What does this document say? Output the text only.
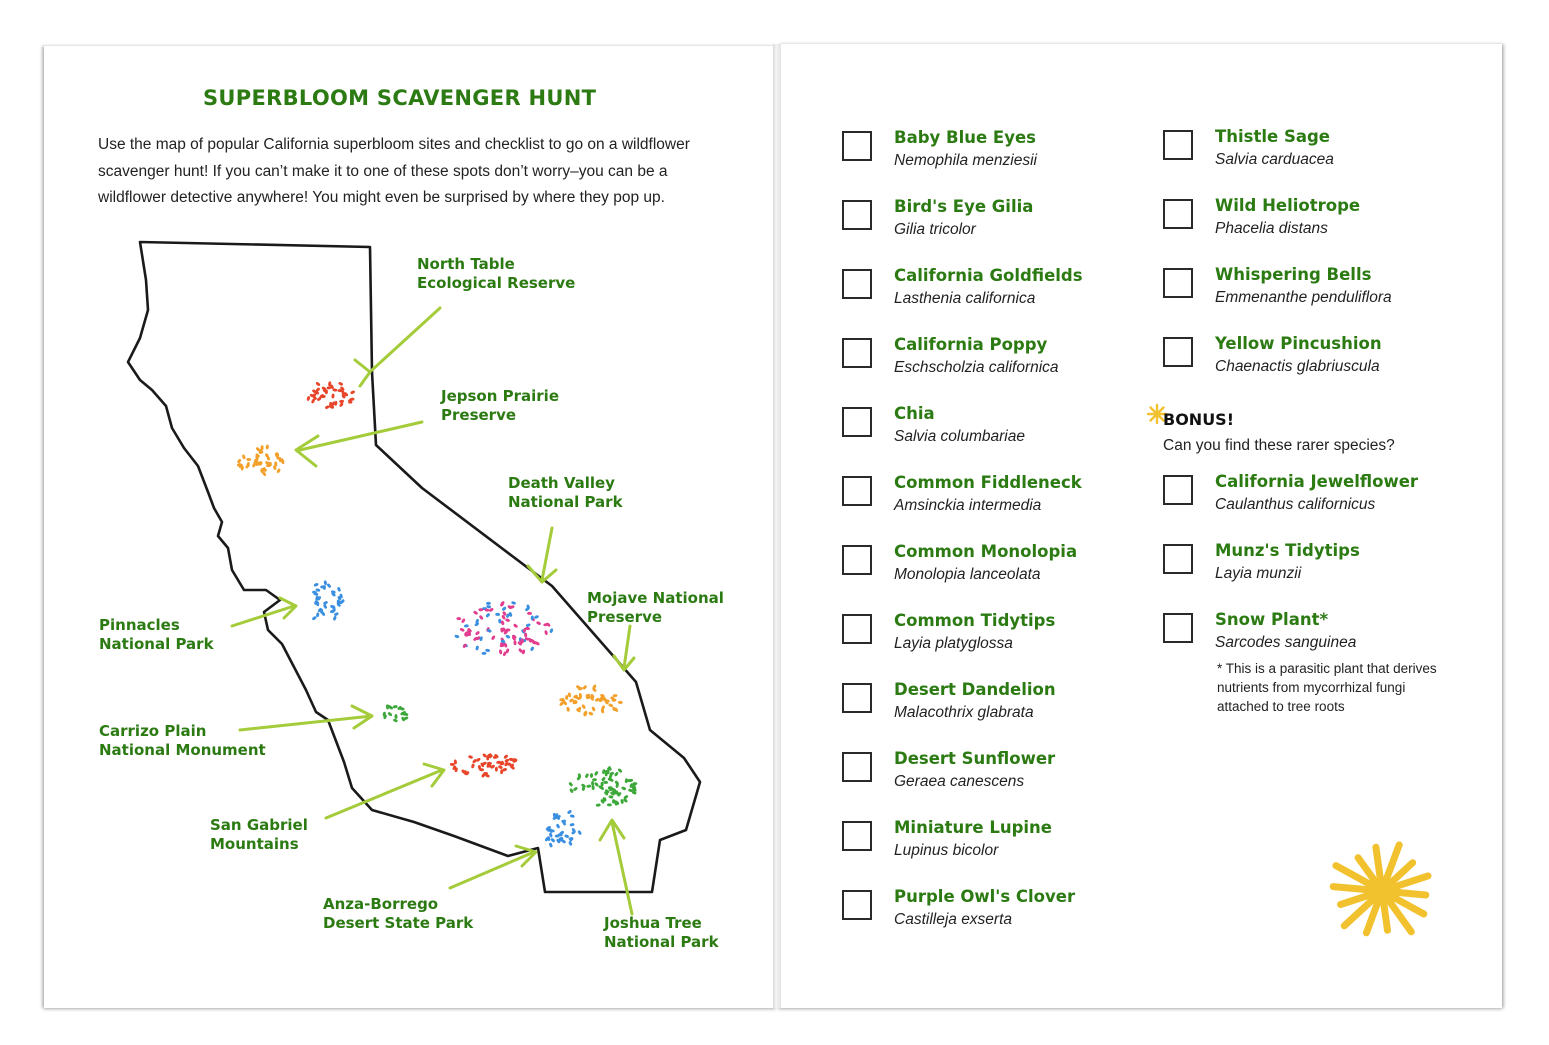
SUPERBLOOM SCAVENGER HUNT
Use the map of popular California superbloom sites and checklist to go on a wildflower scavenger hunt! If you can’t make it to one of these spots don’t worry–you can be a wildflower detective anywhere! You might even be surprised by where they pop up.
North Table
Ecological Reserve
Jepson Prairie
Preserve
Death Valley
National Park
Mojave National
Preserve
Pinnacles
National Park
Carrizo Plain
National Monument
San Gabriel
Mountains
Anza-Borrego
Desert State Park	Joshua Tree
National Park
Baby Blue Eyes
Nemophila menziesii
Bird's Eye Gilia
Gilia tricolor
California Goldfields
Lasthenia californica
California Poppy
Eschscholzia californica
Chia
Salvia columbariae
Common Fiddleneck
Amsinckia intermedia
Common Monolopia
Monolopia lanceolata
Common Tidytips
Layia platyglossa
Desert Dandelion
Malacothrix glabrata
Desert Sunflower
Geraea canescens
Miniature Lupine
Lupinus bicolor
Purple Owl's Clover
Castilleja exserta
Thistle Sage
Salvia carduacea
Wild Heliotrope
Phacelia distans
Whispering Bells
Emmenanthe penduliflora
Yellow Pincushion
Chaenactis glabriuscula
BONUS!
Can you find these rarer species?
California Jewelflower
Caulanthus californicus
Munz's Tidytips
Layia munzii
Snow Plant*
Sarcodes sanguinea
* This is a parasitic plant that derives nutrients from mycorrhizal fungi attached to tree roots
